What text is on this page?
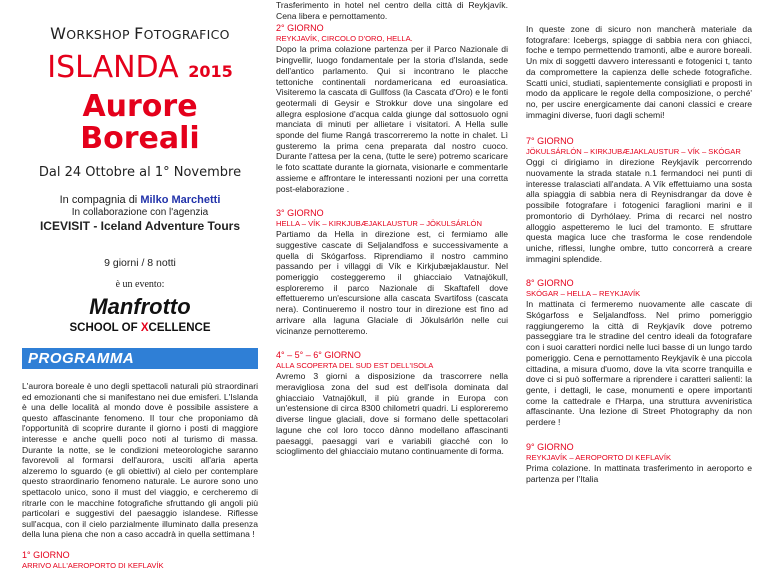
WORKSHOP FOTOGRAFICO
ISLANDA 2015
Aurore Boreali
Dal 24 Ottobre al 1° Novembre
In compagnia di Milko Marchetti
In collaborazione con l'agenzia
ICEVISIT - Iceland Adventure Tours
9 giorni / 8 notti
è un evento:
Manfrotto
SCHOOL OF XCELLENCE
PROGRAMMA
L'aurora boreale è uno degli spettacoli naturali più straordinari ed emozionanti che si manifestano nei due emisferi. L'Islanda è una delle località al mondo dove è possibile assistere a questo affascinante fenomeno. Il tour che proponiamo dà l'opportunità di scoprire durante il giorno i posti di maggiore interesse e anche quelli poco noti al turismo di massa. Durante la notte, se le condizioni meteorologiche saranno favorevoli al formarsi dell'aurora, usciti all'aria aperta alzeremo lo sguardo (e gli obiettivi) al cielo per contemplare questo straordinario fenomeno naturale. Le aurore sono uno spettacolo unico, sono il must del viaggio, e cercheremo di ritrarle con le macchine fotografiche sfruttando gli angoli più particolari e suggestivi del paesaggio islandese. Riflesse sull'acqua, con il cielo parzialmente illuminato dalla presenza della luna piena che non a caso accadrà in quella settimana !
1° GIORNO
ARRIVO ALL'AEROPORTO DI KEFLAVÍK
Trasferimento in hotel nel centro della città di Reykjavík. Cena libera e pernottamento.
2° GIORNO
REYKJAVÍK, CIRCOLO D'ORO, HELLA.
Dopo la prima colazione partenza per il Parco Nazionale di Þingvellir, luogo fondamentale per la storia d'Islanda, sede dell'antico parlamento. Qui si incontrano le placche tettoniche continentali nordamericana ed euroasiatica. Visiteremo la cascata di Gullfoss (la Cascata d'Oro) e le fonti geotermali di Geysir e Strokkur dove una singolare ed allegra esplosione d'acqua calda giunge dal sottosuolo ogni manciata di minuti per allietare i visitatori. A Hella sulle sponde del fiume Rangá trascorreremo la notte in chalet. Lì gusteremo la prima cena preparata dal nostro cuoco. Durante l'attesa per la cena, (tutte le sere) potremo scaricare le foto scattate durante la giornata, visionarle e commentarle assieme e affrontare le interessanti nozioni per una corretta post-elaborazione .
3° GIORNO
HELLA – VÍK – KIRKJUBÆJAKLAUSTUR – JÖKULSÁRLÓN
Partiamo da Hella in direzione est, ci fermiamo alle suggestive cascate di Seljalandfoss e successivamente a quella di Skógarfoss. Riprendiamo il nostro cammino passando per i villaggi di Vík e Kirkjubæjaklaustur. Nel pomeriggio costeggeremo il ghiacciaio Vatnajökull, esploreremo il parco Nazionale di Skaftafell dove effettueremo un'escursione alla cascata Svartifoss (cascata nera). Continueremo il nostro tour in direzione est fino ad arrivare alla laguna Glaciale di Jökulsárlón nelle cui vicinanze pernotteremo.
4° – 5° – 6° GIORNO
ALLA SCOPERTA DEL SUD EST DELL'ISOLA
Avremo 3 giorni a disposizione da trascorrere nella meravigliosa zona del sud est dell'isola dominata dal ghiacciaio Vatnajökull, il più grande in Europa con un'estensione di circa 8300 chilometri quadri. Li esploreremo diverse lingue glaciali, dove si formano delle spettacolari lagune che col loro tocco dànno modellano affascinanti paesaggi, paesaggi vari e variabili giacché con lo scioglimento del ghiacciaio mutano continuamente di forma.
In queste zone di sicuro non mancherà materiale da fotografare: Icebergs, spiagge di sabbia nera con ghiacci, foche e tempo permettendo tramonti, albe e aurore boreali. Un mix di soggetti davvero interessanti e fotogenici t, tanto da compromettere la capienza delle schede fotografiche. Scatti unici, studiati, sapientemente consigliati e proposti in modo da applicare le regole della composizione, o perché' no, per uscire energicamente dai canoni classici e creare immagini diverse, fuori dagli schemi!
7° GIORNO
JÖKULSÁRLÓN – KIRKJUBÆJAKLAUSTUR – VÍK – SKÓGAR
Oggi ci dirigiamo in direzione Reykjavík percorrendo nuovamente la strada statale n.1 fermandoci nei punti di interesse tralasciati all'andata. A Vík effettuiamo una sosta alla spiaggia di sabbia nera di Reynisdrangar da dove è possibile fotografare i fotogenici faraglioni marini e il promontorio di Dyrhólaey. Prima di recarci nel nostro alloggio aspetteremo le luci del tramonto. E sfruttare questa magica luce che trasforma le cose rendendole uniche, riflessi, lunghe ombre, tutto concorrerà a creare immagini splendide.
8° GIORNO
SKÓGAR – HELLA – REYKJAVÍK
In mattinata ci fermeremo nuovamente alle cascate di Skógarfoss e Seljalandfoss. Nel primo pomeriggio raggiungeremo la città di Reykjavík dove potremo passeggiare tra le stradine del centro ideali da fotografare con i suoi caratteri nordici nelle luci basse di un lungo tardo pomeriggio. Cena e pernottamento Reykjavík è una piccola cittadina, a misura d'uomo, dove la vita scorre tranquilla e dove ci si può soffermare a riprendere i caratteri salienti: la gente, i dettagli, le case, monumenti e opere importanti come la cattedrale e l'Harpa, una struttura avveniristica affascinante. Una lezione di Street Photography da non perdere !
9° GIORNO
REYKJAVÍK – AEROPORTO DI KEFLAVÍK
Prima colazione. In mattinata trasferimento in aeroporto e partenza per l'Italia
